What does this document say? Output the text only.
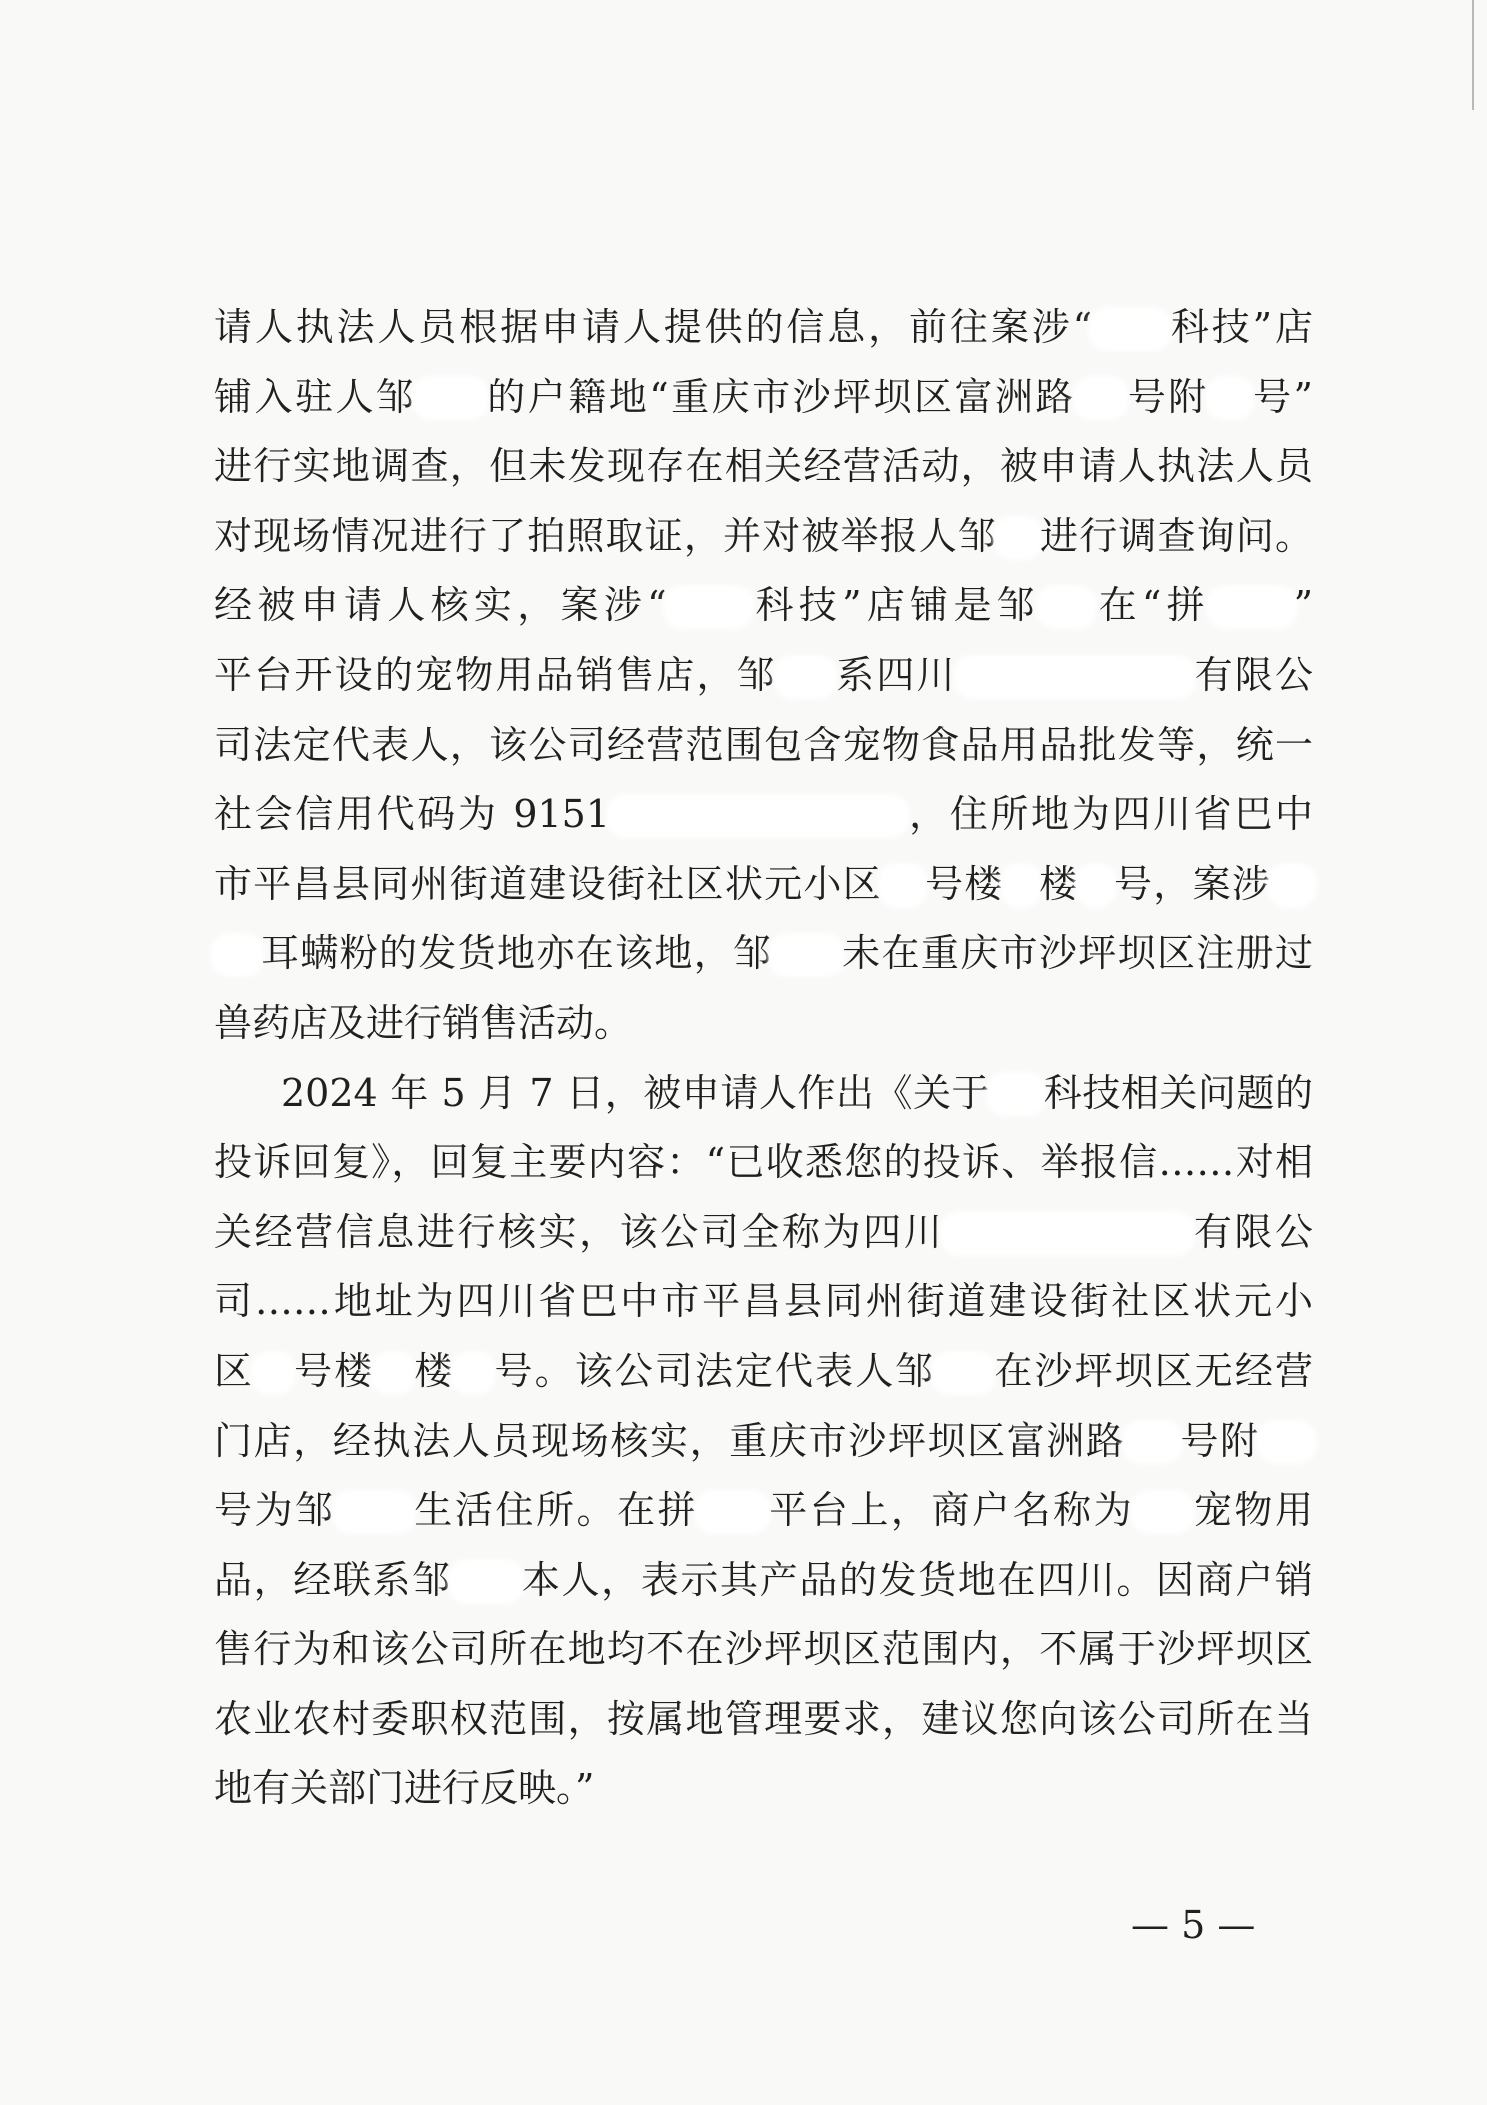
请人执法人员根据申请人提供的信息，前往案涉“ 科技”店
铺入驻人邹 的户籍地“重庆市沙坪坝区富洲路 号附 号”
进行实地调查，但未发现存在相关经营活动，被申请人执法人员
对现场情况进行了拍照取证，并对被举报人邹 进行调查询问。
经被申请人核实，案涉“ 科技”店铺是邹 在“拼 ”
平台开设的宠物用品销售店，邹 系四川	有限公
司法定代表人，该公司经营范围包含宠物食品用品批发等，统一
社会信用代码为 9151	，住所地为四川省巴中
市平昌县同州街道建设街社区状元小区 号楼 楼 号，案涉
耳螨粉的发货地亦在该地，邹 未在重庆市沙坪坝区注册过
兽药店及进行销售活动。
2024 年 5 月 7 日，被申请人作出《关于 科技相关问题的
投诉回复》，回复主要内容：“已收悉您的投诉、举报信……对相
关经营信息进行核实，该公司全称为四川	有限公
司……地址为四川省巴中市平昌县同州街道建设街社区状元小
区 号楼 楼 号。该公司法定代表人邹 在沙坪坝区无经营
门店，经执法人员现场核实，重庆市沙坪坝区富洲路 号附
号为邹 生活住所。在拼 平台上，商户名称为 宠物用
品，经联系邹 本人，表示其产品的发货地在四川。因商户销
售行为和该公司所在地均不在沙坪坝区范围内，不属于沙坪坝区
农业农村委职权范围，按属地管理要求，建议您向该公司所在当
地有关部门进行反映。”
— 5 —
